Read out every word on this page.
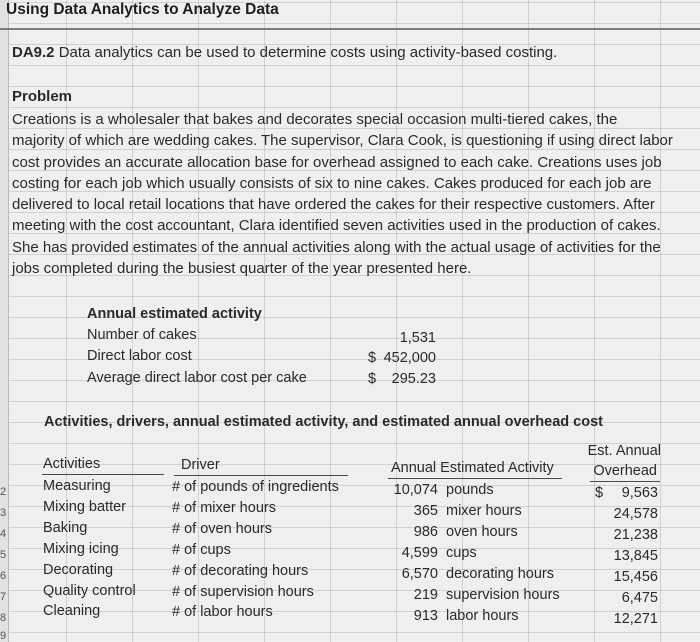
2
3
4
5
6
7
8
9
Using Data Analytics to Analyze Data
DA9.2 Data analytics can be used to determine costs using activity-based costing.
Problem
Creations is a wholesaler that bakes and decorates special occasion multi-tiered cakes, the
majority of which are wedding cakes. The supervisor, Clara Cook, is questioning if using direct labor
cost provides an accurate allocation base for overhead assigned to each cake. Creations uses job
costing for each job which usually consists of six to nine cakes. Cakes produced for each job are
delivered to local retail locations that have ordered the cakes for their respective customers. After
meeting with the cost accountant, Clara identified seven activities used in the production of cakes.
She has provided estimates of the annual activities along with the actual usage of activities for the
jobs completed during the busiest quarter of the year presented here.
Annual estimated activity
Number of cakes	1,531
Direct labor cost	$ 452,000
Average direct labor cost per cake	$	295.23
Activities, drivers, annual estimated activity, and estimated annual overhead cost
Est. Annual
Activities	Driver	Annual Estimated Activity	Overhead
Measuring	# of pounds of ingredients	10,074 pounds	$	9,563
Mixing batter	# of mixer hours	365 mixer hours	24,578
Baking	# of oven hours	986 oven hours	21,238
Mixing icing	# of cups	4,599 cups	13,845
Decorating	# of decorating hours	6,570 decorating hours	15,456
Quality control	# of supervision hours	219 supervision hours	6,475
Cleaning	# of labor hours	913 labor hours	12,271
